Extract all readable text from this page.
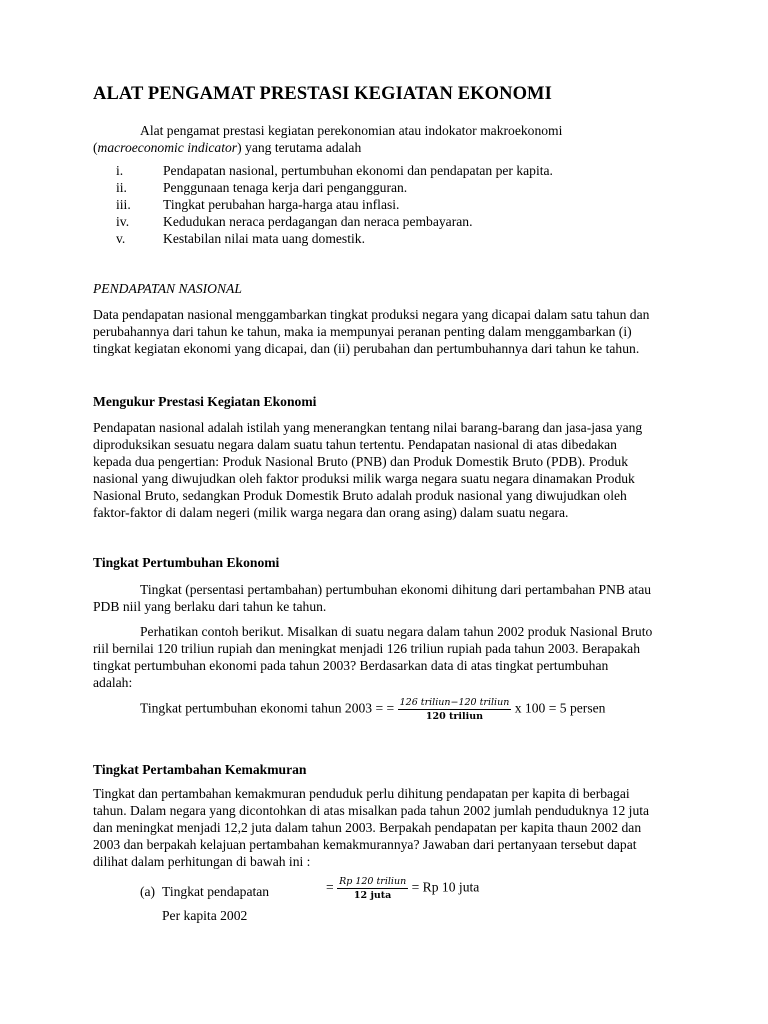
ALAT PENGAMAT PRESTASI KEGIATAN EKONOMI
Alat pengamat prestasi kegiatan perekonomian atau indokator makroekonomi
(macroeconomic indicator) yang terutama adalah
i.	Pendapatan nasional, pertumbuhan ekonomi dan pendapatan per kapita.
ii.	Penggunaan tenaga kerja dari pengangguran.
iii. Tingkat perubahan harga-harga atau inflasi.
iv. Kedudukan neraca perdagangan dan neraca pembayaran.
v.	Kestabilan nilai mata uang domestik.
PENDAPATAN NASIONAL

Data pendapatan nasional menggambarkan tingkat produksi negara yang dicapai dalam satu tahun dan

perubahannya dari tahun ke tahun, maka ia mempunyai peranan penting dalam menggambarkan (i)

tingkat kegiatan ekonomi yang dicapai, dan (ii) perubahan dan pertumbuhannya dari tahun ke tahun.

Mengukur Prestasi Kegiatan Ekonomi

Pendapatan nasional adalah istilah yang menerangkan tentang nilai barang-barang dan jasa-jasa yang

diproduksikan sesuatu negara dalam suatu tahun tertentu. Pendapatan nasional di atas dibedakan

kepada dua pengertian: Produk Nasional Bruto (PNB) dan Produk Domestik Bruto (PDB). Produk

nasional yang diwujudkan oleh faktor produksi milik warga negara suatu negara dinamakan Produk

Nasional Bruto, sedangkan Produk Domestik Bruto adalah produk nasional yang diwujudkan oleh

faktor-faktor di dalam negeri (milik warga negara dan orang asing) dalam suatu negara.

Tingkat Pertumbuhan Ekonomi

Tingkat (persentasi pertambahan) pertumbuhan ekonomi dihitung dari pertambahan PNB atau

PDB niil yang berlaku dari tahun ke tahun.

Perhatikan contoh berikut. Misalkan di suatu negara dalam tahun 2002 produk Nasional Bruto

riil bernilai 120 triliun rupiah dan meningkat menjadi 126 triliun rupiah pada tahun 2003. Berapakah

tingkat pertumbuhan ekonomi pada tahun 2003? Berdasarkan data di atas tingkat pertumbuhan

adalah:

Tingkat pertumbuhan ekonomi tahun 2003 = = $\frac{\text{126 triliun−120 triliun}}{\text{120 triliun}}$ x 100 = 5 persen
Tingkat Pertambahan Kemakmuran

Tingkat dan pertambahan kemakmuran penduduk perlu dihitung pendapatan per kapita di berbagai

tahun. Dalam negara yang dicontohkan di atas misalkan pada tahun 2002 jumlah penduduknya 12 juta

dan meningkat menjadi 12,2 juta dalam tahun 2003. Berpakah pendapatan per kapita thaun 2002 dan

2003 dan berpakah kelajuan pertambahan kemakmurannya? Jawaban dari pertanyaan tersebut dapat

dilihat dalam perhitungan di bawah ini :

(a) Tingkat pendapatan
Per kapita 2002
= $\frac{\text{Rp 120 triliun}}{\text{12 juta}} = Rp$ 10 juta
